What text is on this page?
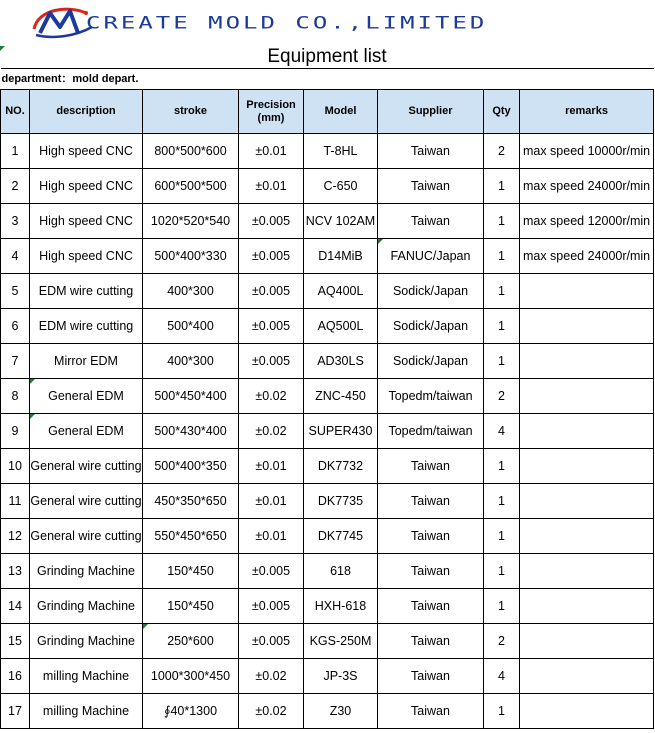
CREATE MOLD CO.,LIMITED
Equipment list							
department：mold depart.							
NO.	description	stroke	Precision (mm)	Model	Supplier	Qty	remarks
1	High speed CNC	800*500*600	±0.01	T-8HL	Taiwan	2	max speed 10000r/min
2	High speed CNC	600*500*500	±0.01	C-650	Taiwan	1	max speed 24000r/min
3	High speed CNC	1020*520*540	±0.005	NCV 102AM	Taiwan	1	max speed 12000r/min
4	High speed CNC	500*400*330	±0.005	D14MiB	FANUC/Japan	1	max speed 24000r/min
5	EDM wire cutting	400*300	±0.005	AQ400L	Sodick/Japan	1	
6	EDM wire cutting	500*400	±0.005	AQ500L	Sodick/Japan	1	
7	Mirror EDM	400*300	±0.005	AD30LS	Sodick/Japan	1	
8	General EDM	500*450*400	±0.02	ZNC-450	Topedm/taiwan	2	
9	General EDM	500*430*400	±0.02	SUPER430	Topedm/taiwan	4	
10	General wire cutting	500*400*350	±0.01	DK7732	Taiwan	1	
11	General wire cutting	450*350*650	±0.01	DK7735	Taiwan	1	
12	General wire cutting	550*450*650	±0.01	DK7745	Taiwan	1	
13	Grinding Machine	150*450	±0.005	618	Taiwan	1	
14	Grinding Machine	150*450	±0.005	HXH-618	Taiwan	1	
15	Grinding Machine	250*600	±0.005	KGS-250M	Taiwan	2	
16	milling Machine	1000*300*450	±0.02	JP-3S	Taiwan	4	
17	milling Machine	∮40*1300	±0.02	Z30	Taiwan	1	
